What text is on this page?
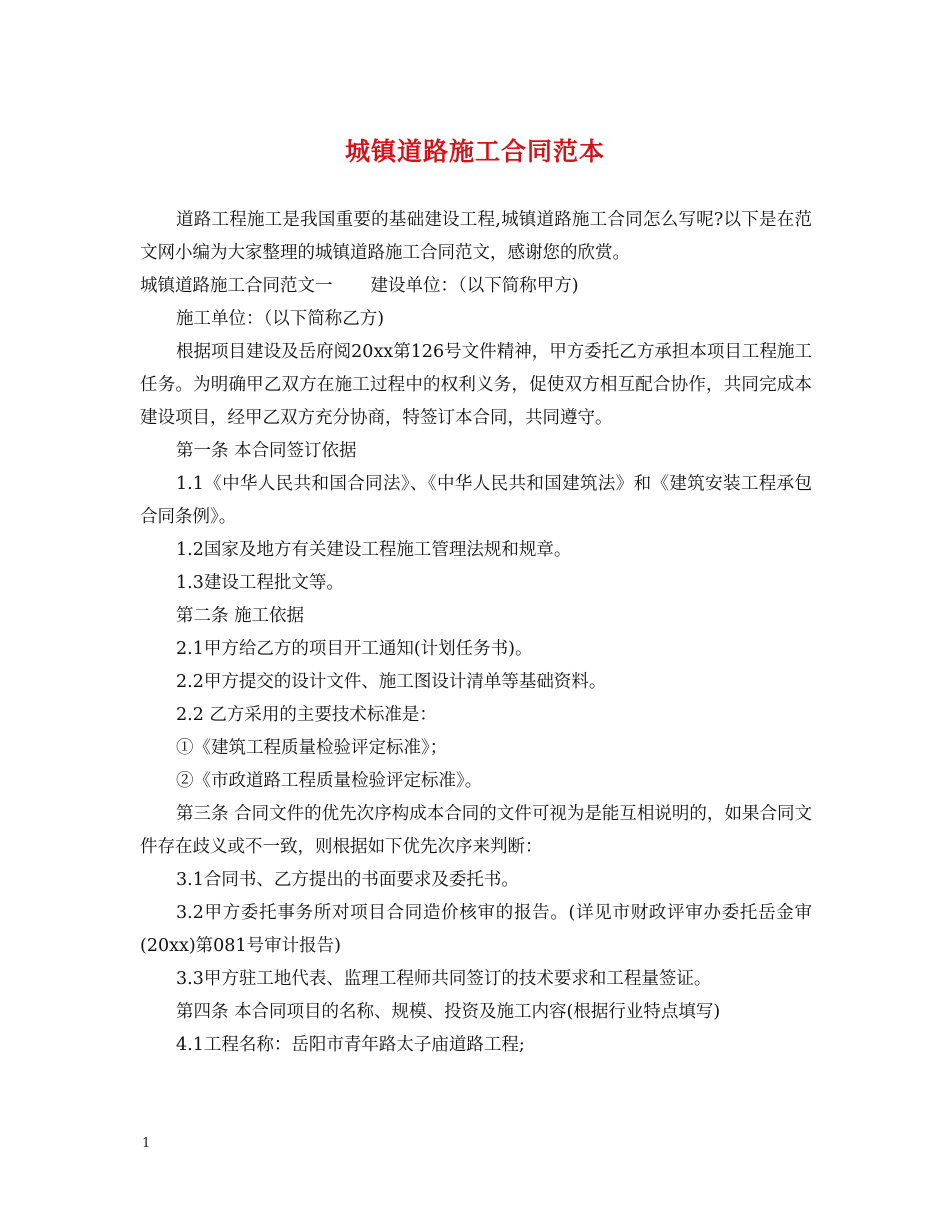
城镇道路施工合同范本

道路工程施工是我国重要的基础建设工程,城镇道路施工合同怎么写呢?以下是在范文网小编为大家整理的城镇道路施工合同范文，感谢您的欣赏。

城镇道路施工合同范文一 建设单位：（以下简称甲方)

施工单位：（以下简称乙方)

根据项目建设及岳府阅20xx第126号文件精神，甲方委托乙方承担本项目工程施工任务。为明确甲乙双方在施工过程中的权利义务，促使双方相互配合协作，共同完成本建设项目，经甲乙双方充分协商，特签订本合同，共同遵守。

第一条 本合同签订依据

1.1《中华人民共和国合同法》、《中华人民共和国建筑法》和《建筑安装工程承包合同条例》。

1.2国家及地方有关建设工程施工管理法规和规章。

1.3建设工程批文等。

第二条 施工依据

2.1甲方给乙方的项目开工通知(计划任务书)。

2.2甲方提交的设计文件、施工图设计清单等基础资料。

2.2 乙方采用的主要技术标准是：

①《建筑工程质量检验评定标准》；

②《市政道路工程质量检验评定标准》。

第三条 合同文件的优先次序构成本合同的文件可视为是能互相说明的，如果合同文件存在歧义或不一致，则根据如下优先次序来判断：

3.1合同书、乙方提出的书面要求及委托书。

3.2甲方委托事务所对项目合同造价核审的报告。(详见市财政评审办委托岳金审(20xx)第081号审计报告)

3.3甲方驻工地代表、监理工程师共同签订的技术要求和工程量签证。

第四条 本合同项目的名称、规模、投资及施工内容(根据行业特点填写)

4.1工程名称：岳阳市青年路太子庙道路工程;

1
